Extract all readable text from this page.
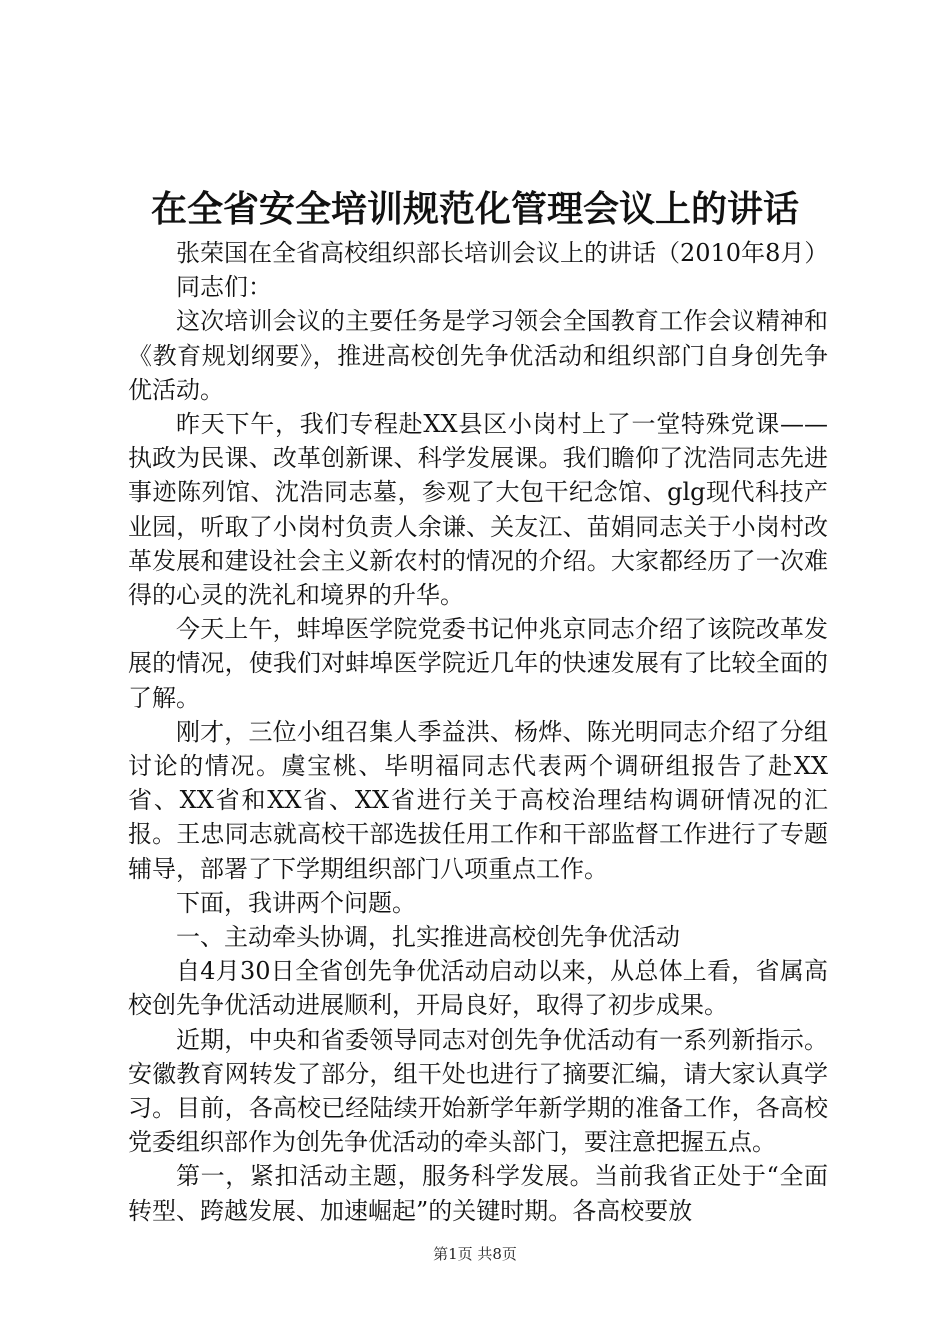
在全省安全培训规范化管理会议上的讲话

张荣国在全省高校组织部长培训会议上的讲话（2010年8月）

同志们：

这次培训会议的主要任务是学习领会全国教育工作会议精神和《教育规划纲要》，推进高校创先争优活动和组织部门自身创先争优活动。

昨天下午，我们专程赴XX县区小岗村上了一堂特殊党课——执政为民课、改革创新课、科学发展课。我们瞻仰了沈浩同志先进事迹陈列馆、沈浩同志墓，参观了大包干纪念馆、glg现代科技产业园，听取了小岗村负责人余谦、关友江、苗娟同志关于小岗村改革发展和建设社会主义新农村的情况的介绍。大家都经历了一次难得的心灵的洗礼和境界的升华。

今天上午，蚌埠医学院党委书记仲兆京同志介绍了该院改革发展的情况，使我们对蚌埠医学院近几年的快速发展有了比较全面的了解。

刚才，三位小组召集人季益洪、杨烨、陈光明同志介绍了分组讨论的情况。虞宝桃、毕明福同志代表两个调研组报告了赴XX省、XX省和XX省、XX省进行关于高校治理结构调研情况的汇报。王忠同志就高校干部选拔任用工作和干部监督工作进行了专题辅导，部署了下学期组织部门八项重点工作。

下面，我讲两个问题。

一、主动牵头协调，扎实推进高校创先争优活动

自4月30日全省创先争优活动启动以来，从总体上看，省属高校创先争优活动进展顺利，开局良好，取得了初步成果。

近期，中央和省委领导同志对创先争优活动有一系列新指示。安徽教育网转发了部分，组干处也进行了摘要汇编，请大家认真学习。目前，各高校已经陆续开始新学年新学期的准备工作，各高校党委组织部作为创先争优活动的牵头部门，要注意把握五点。

第一，紧扣活动主题，服务科学发展。当前我省正处于“全面转型、跨越发展、加速崛起”的关键时期。各高校要放

第1页 共8页
